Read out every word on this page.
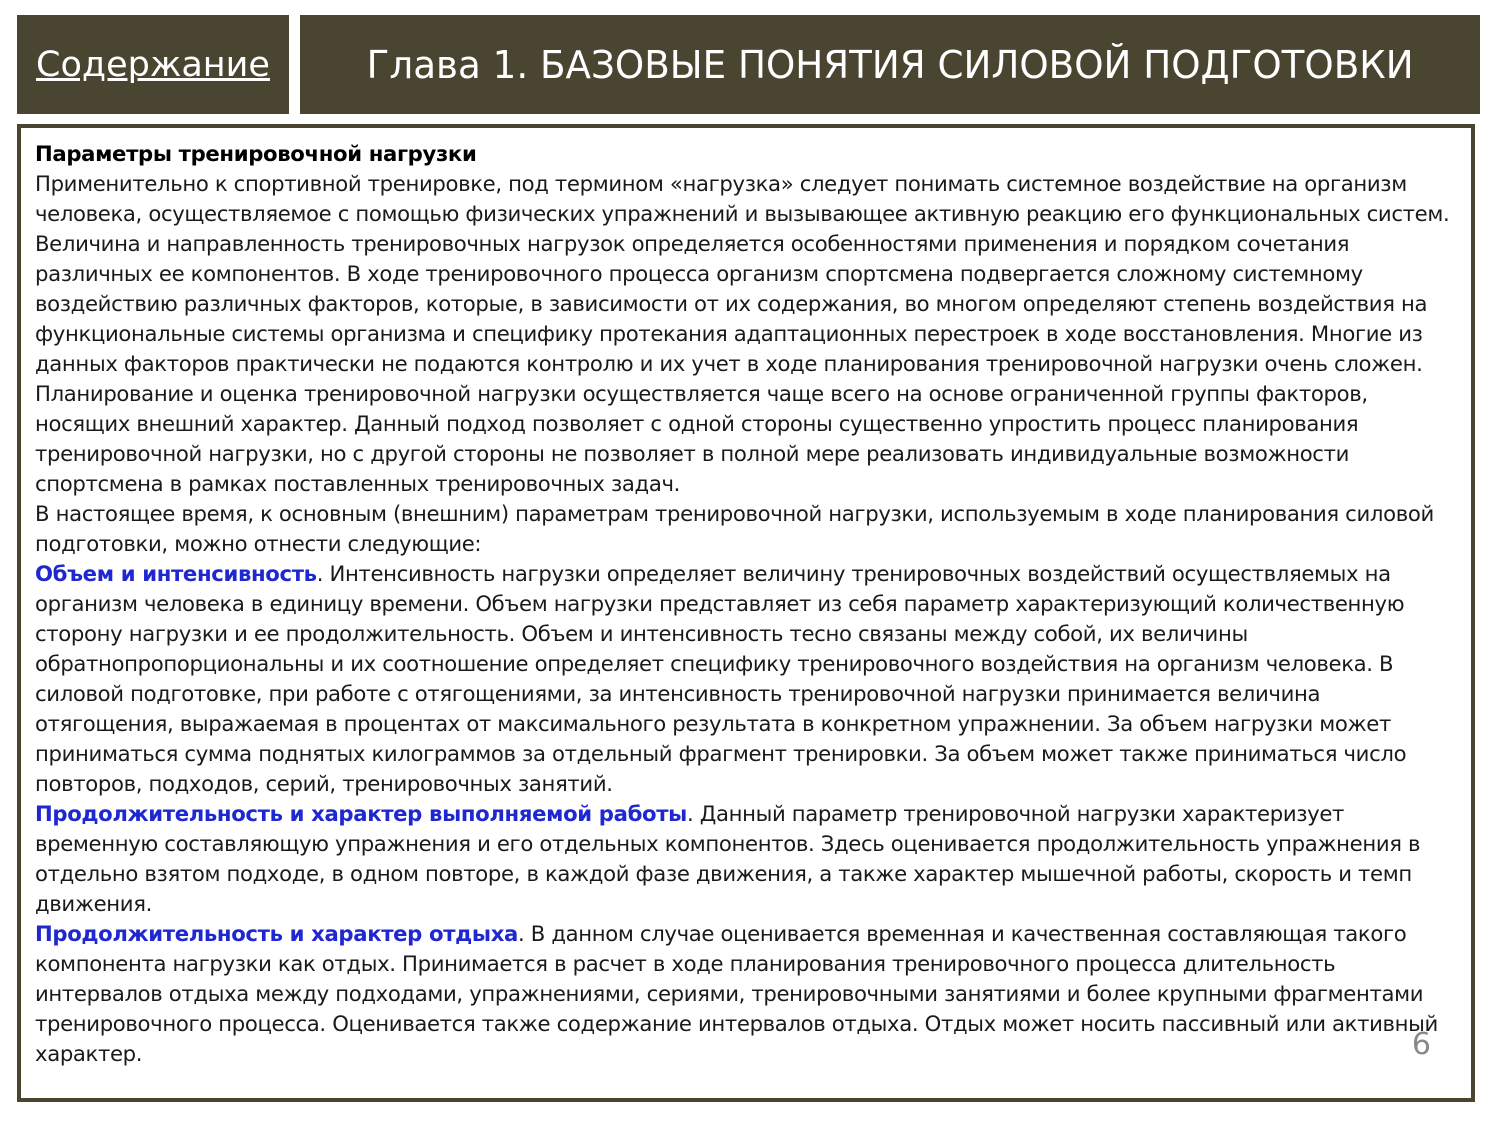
Содержание	Глава 1. БАЗОВЫЕ ПОНЯТИЯ СИЛОВОЙ ПОДГОТОВКИ

Параметры тренировочной нагрузки

Применительно к спортивной тренировке, под термином «нагрузка» следует понимать системное воздействие на организм человека, осуществляемое с помощью физических упражнений и вызывающее активную реакцию его функциональных систем. Величина и направленность тренировочных нагрузок определяется особенностями применения и порядком сочетания различных ее компонентов. В ходе тренировочного процесса организм спортсмена подвергается сложному системному воздействию различных факторов, которые, в зависимости от их содержания, во многом определяют степень воздействия на функциональные системы организма и специфику протекания адаптационных перестроек в ходе восстановления. Многие из данных факторов практически не подаются контролю и их учет в ходе планирования тренировочной нагрузки очень сложен.

Планирование и оценка тренировочной нагрузки осуществляется чаще всего на основе ограниченной группы факторов, носящих внешний характер. Данный подход позволяет с одной стороны существенно упростить процесс планирования тренировочной нагрузки, но с другой стороны не позволяет в полной мере реализовать индивидуальные возможности спортсмена в рамках поставленных тренировочных задач.

В настоящее время, к основным (внешним) параметрам тренировочной нагрузки, используемым в ходе планирования силовой подготовки, можно отнести следующие:

Объем и интенсивность. Интенсивность нагрузки определяет величину тренировочных воздействий осуществляемых на организм человека в единицу времени. Объем нагрузки представляет из себя параметр характеризующий количественную сторону нагрузки и ее продолжительность. Объем и интенсивность тесно связаны между собой, их величины обратнопропорциональны и их соотношение определяет специфику тренировочного воздействия на организм человека. В силовой подготовке, при работе с отягощениями, за интенсивность тренировочной нагрузки принимается величина отягощения, выражаемая в процентах от максимального результата в конкретном упражнении. За объем нагрузки может приниматься сумма поднятых килограммов за отдельный фрагмент тренировки. За объем может также приниматься число повторов, подходов, серий, тренировочных занятий.

Продолжительность и характер выполняемой работы. Данный параметр тренировочной нагрузки характеризует временную составляющую упражнения и его отдельных компонентов. Здесь оценивается продолжительность упражнения в отдельно взятом подходе, в одном повторе, в каждой фазе движения, а также характер мышечной работы, скорость и темп движения.

Продолжительность и характер отдыха. В данном случае оценивается временная и качественная составляющая такого компонента нагрузки как отдых. Принимается в расчет в ходе планирования тренировочного процесса длительность интервалов отдыха между подходами, упражнениями, сериями, тренировочными занятиями и более крупными фрагментами тренировочного процесса. Оценивается также содержание интервалов отдыха. Отдых может носить пассивный или активный характер.	6
